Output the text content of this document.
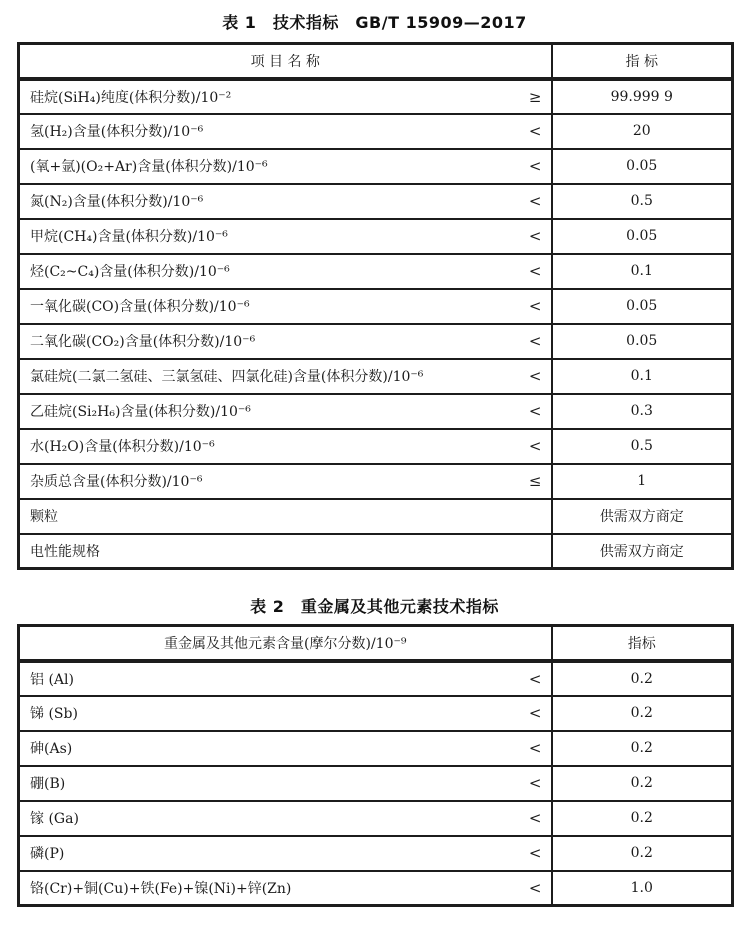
表 1　技术指标　GB/T 15909—2017
项 目 名 称	指 标
硅烷(SiH₄)纯度(体积分数)/10⁻² ≥	99.999 9
氢(H₂)含量(体积分数)/10⁻⁶ <	20
(氧+氩)(O₂+Ar)含量(体积分数)/10⁻⁶ <	0.05
氮(N₂)含量(体积分数)/10⁻⁶ <	0.5
甲烷(CH₄)含量(体积分数)/10⁻⁶ <	0.05
烃(C₂~C₄)含量(体积分数)/10⁻⁶ <	0.1
一氧化碳(CO)含量(体积分数)/10⁻⁶ <	0.05
二氧化碳(CO₂)含量(体积分数)/10⁻⁶ <	0.05
氯硅烷(二氯二氢硅、三氯氢硅、四氯化硅)含量(体积分数)/10⁻⁶ <	0.1
乙硅烷(Si₂H₆)含量(体积分数)/10⁻⁶ <	0.3
水(H₂O)含量(体积分数)/10⁻⁶ <	0.5
杂质总含量(体积分数)/10⁻⁶ ≤	1
颗粒	供需双方商定
电性能规格	供需双方商定
表 2　重金属及其他元素技术指标
重金属及其他元素含量(摩尔分数)/10⁻⁹	指标
铝 (Al) <	0.2
锑 (Sb) <	0.2
砷(As) <	0.2
硼(B) <	0.2
镓 (Ga) <	0.2
磷(P) <	0.2
铬(Cr)+铜(Cu)+铁(Fe)+镍(Ni)+锌(Zn) <	1.0
